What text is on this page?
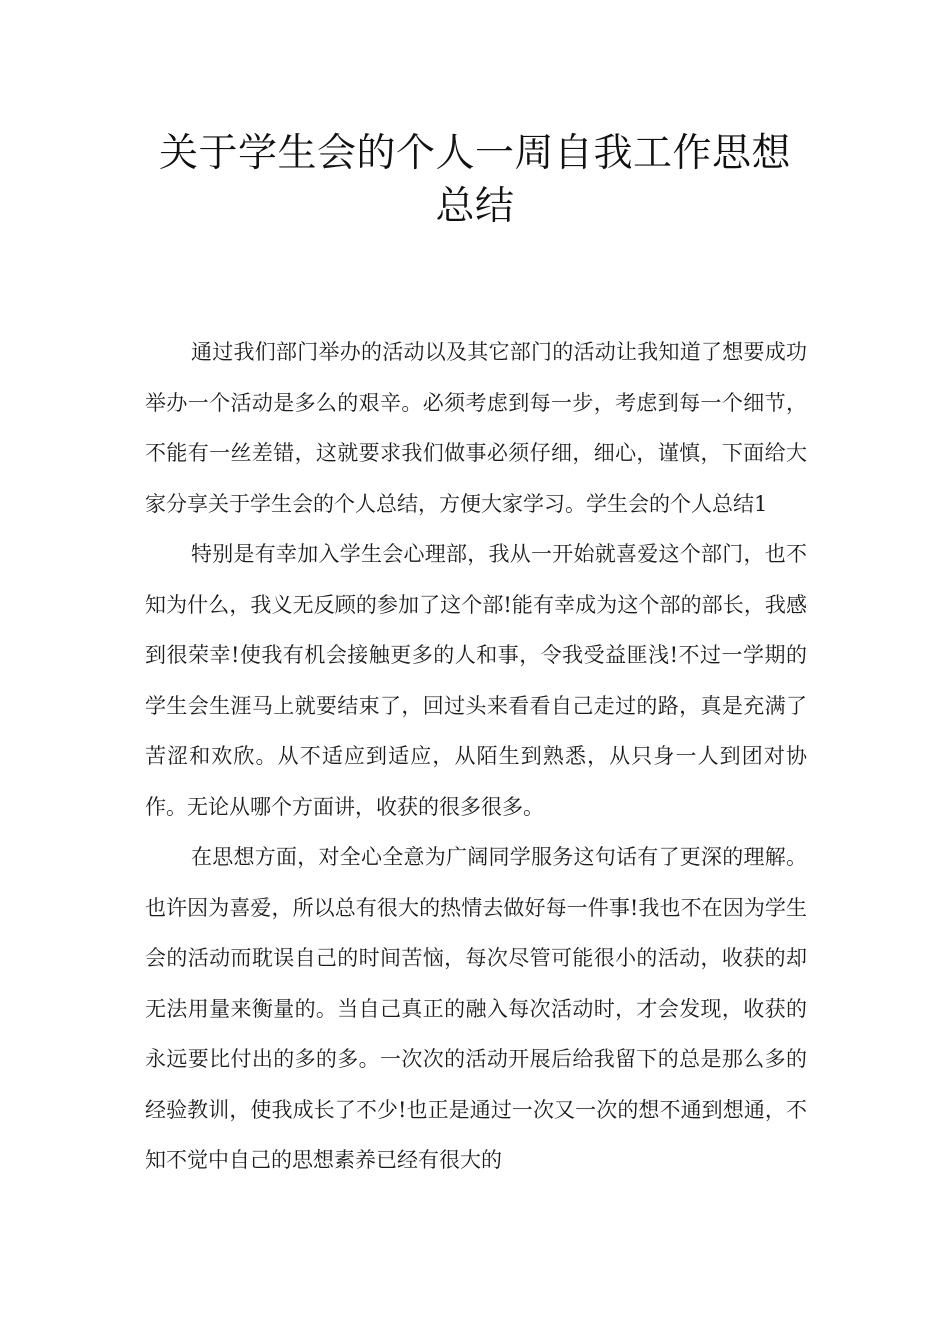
关于学生会的个人一周自我工作思想总结

通过我们部门举办的活动以及其它部门的活动让我知道了想要成功举办一个活动是多么的艰辛。必须考虑到每一步，考虑到每一个细节，不能有一丝差错，这就要求我们做事必须仔细，细心，谨慎，下面给大家分享关于学生会的个人总结，方便大家学习。学生会的个人总结1

特别是有幸加入学生会心理部，我从一开始就喜爱这个部门，也不知为什么，我义无反顾的参加了这个部!能有幸成为这个部的部长，我感到很荣幸!使我有机会接触更多的人和事，令我受益匪浅!不过一学期的学生会生涯马上就要结束了，回过头来看看自己走过的路，真是充满了苦涩和欢欣。从不适应到适应，从陌生到熟悉，从只身一人到团对协作。无论从哪个方面讲，收获的很多很多。

在思想方面，对全心全意为广阔同学服务这句话有了更深的理解。也许因为喜爱，所以总有很大的热情去做好每一件事!我也不在因为学生会的活动而耽误自己的时间苦恼，每次尽管可能很小的活动，收获的却无法用量来衡量的。当自己真正的融入每次活动时，才会发现，收获的永远要比付出的多的多。一次次的活动开展后给我留下的总是那么多的经验教训，使我成长了不少!也正是通过一次又一次的想不通到想通，不知不觉中自己的思想素养已经有很大的
